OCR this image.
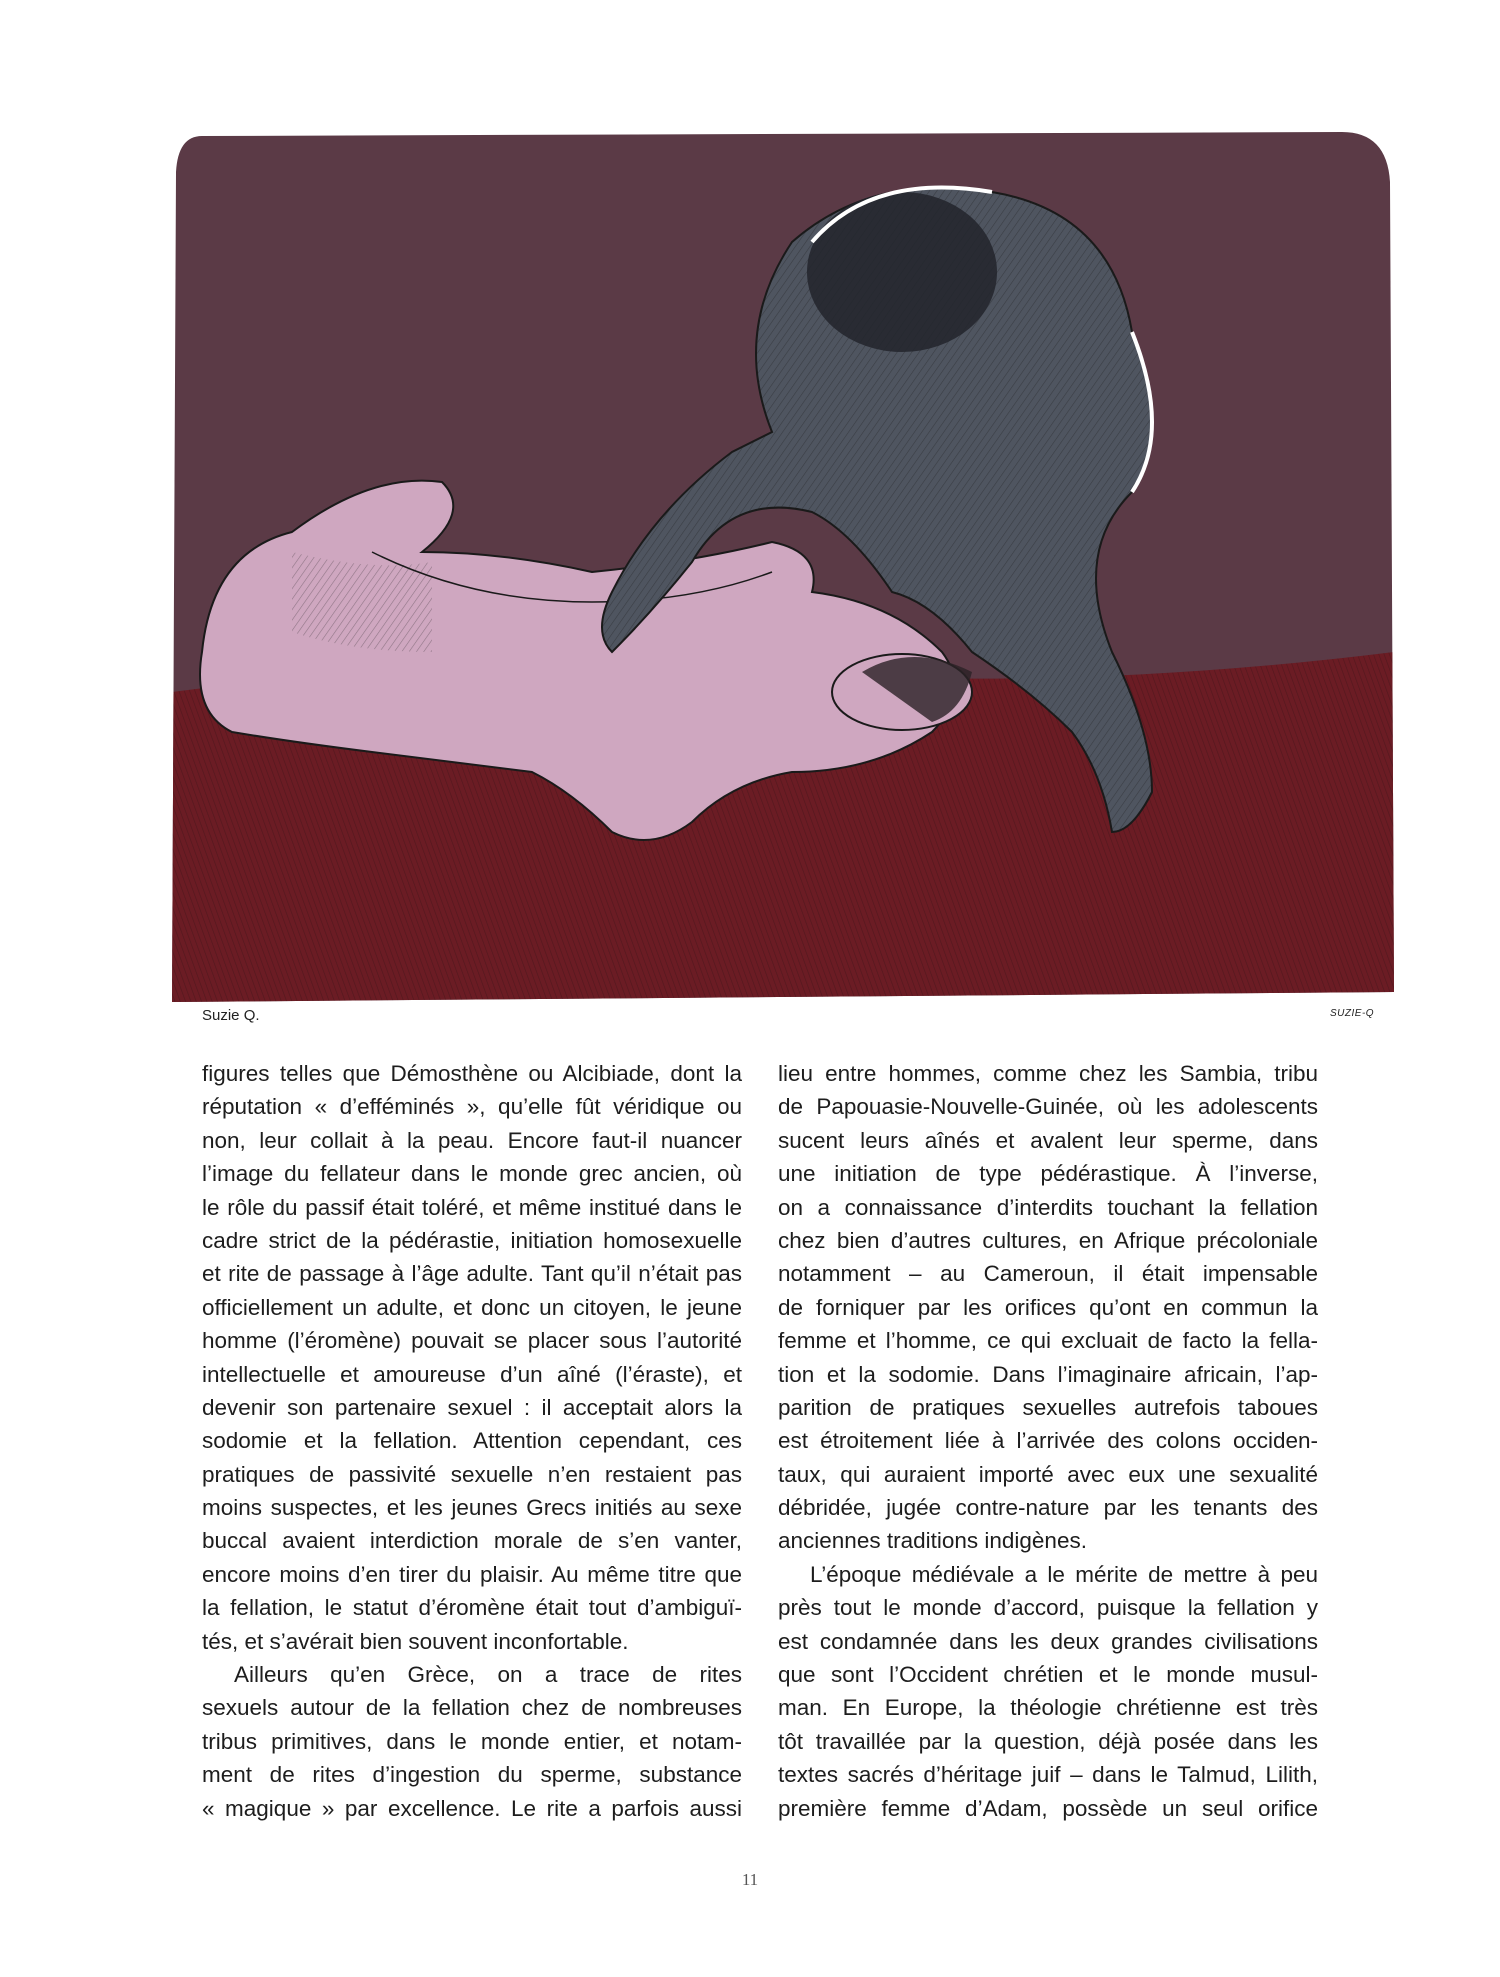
Suzie Q.	SUZIE-Q
figures telles que Démosthène ou Alcibiade, dont la
réputation « d’efféminés », qu’elle fût véridique ou
non, leur collait à la peau. Encore faut-il nuancer
l’image du fellateur dans le monde grec ancien, où
le rôle du passif était toléré, et même institué dans le
cadre strict de la pédérastie, initiation homosexuelle
et rite de passage à l’âge adulte. Tant qu’il n’était pas
officiellement un adulte, et donc un citoyen, le jeune
homme (l’éromène) pouvait se placer sous l’autorité
intellectuelle et amoureuse d’un aîné (l’éraste), et
devenir son partenaire sexuel : il acceptait alors la
sodomie et la fellation. Attention cependant, ces
pratiques de passivité sexuelle n’en restaient pas
moins suspectes, et les jeunes Grecs initiés au sexe
buccal avaient interdiction morale de s’en vanter,
encore moins d’en tirer du plaisir. Au même titre que
la fellation, le statut d’éromène était tout d’ambiguï-
tés, et s’avérait bien souvent inconfortable.
Ailleurs qu’en Grèce, on a trace de rites
sexuels autour de la fellation chez de nombreuses
tribus primitives, dans le monde entier, et notam-
ment de rites d’ingestion du sperme, substance
« magique » par excellence. Le rite a parfois aussi
lieu entre hommes, comme chez les Sambia, tribu
de Papouasie-Nouvelle-Guinée, où les adolescents
sucent leurs aînés et avalent leur sperme, dans
une initiation de type pédérastique. À l’inverse,
on a connaissance d’interdits touchant la fellation
chez bien d’autres cultures, en Afrique précoloniale
notamment – au Cameroun, il était impensable
de forniquer par les orifices qu’ont en commun la
femme et l’homme, ce qui excluait de facto la fella-
tion et la sodomie. Dans l’imaginaire africain, l’ap-
parition de pratiques sexuelles autrefois taboues
est étroitement liée à l’arrivée des colons occiden-
taux, qui auraient importé avec eux une sexualité
débridée, jugée contre-nature par les tenants des
anciennes traditions indigènes.
L’époque médiévale a le mérite de mettre à peu
près tout le monde d’accord, puisque la fellation y
est condamnée dans les deux grandes civilisations
que sont l’Occident chrétien et le monde musul-
man. En Europe, la théologie chrétienne est très
tôt travaillée par la question, déjà posée dans les
textes sacrés d’héritage juif – dans le Talmud, Lilith,
première femme d’Adam, possède un seul orifice
11
